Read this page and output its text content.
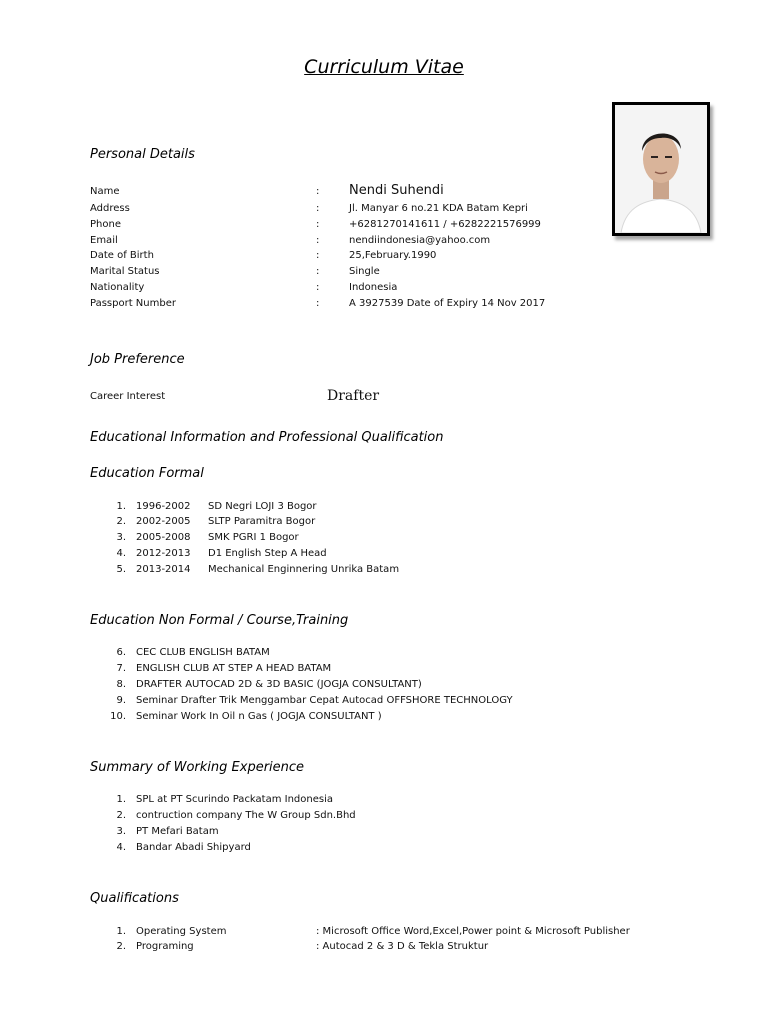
Curriculum Vitae
Personal Details
Name	: Nendi Suhendi
Address	:	Jl. Manyar 6 no.21 KDA Batam Kepri
Phone	:	+6281270141611 / +6282221576999
Email	:	nendiindonesia@yahoo.com
Date of Birth	:	25,February.1990
Marital Status	:	Single
Nationality	:	Indonesia
Passport Number	:	A 3927539 Date of Expiry 14 Nov 2017
Job Preference
Career Interest	Drafter
Educational Information and Professional Qualification
Education Formal
1. 1996-2002 SD Negri LOJI 3 Bogor
2. 2002-2005 SLTP Paramitra Bogor
3. 2005-2008 SMK PGRI 1 Bogor
4. 2012-2013 D1 English Step A Head
5. 2013-2014 Mechanical Enginnering Unrika Batam
Education Non Formal / Course,Training
6. CEC CLUB ENGLISH BATAM
7. ENGLISH CLUB AT STEP A HEAD BATAM
8. DRAFTER AUTOCAD 2D & 3D BASIC (JOGJA CONSULTANT)
9. Seminar Drafter Trik Menggambar Cepat Autocad OFFSHORE TECHNOLOGY
10. Seminar Work In Oil n Gas ( JOGJA CONSULTANT )
Summary of Working Experience
1. SPL at PT Scurindo Packatam Indonesia
2. contruction company The W Group Sdn.Bhd
3. PT Mefari Batam
4. Bandar Abadi Shipyard
Qualifications
1. Operating System	: Microsoft Office Word,Excel,Power point & Microsoft Publisher
2. Programing	: Autocad 2 & 3 D & Tekla Struktur
